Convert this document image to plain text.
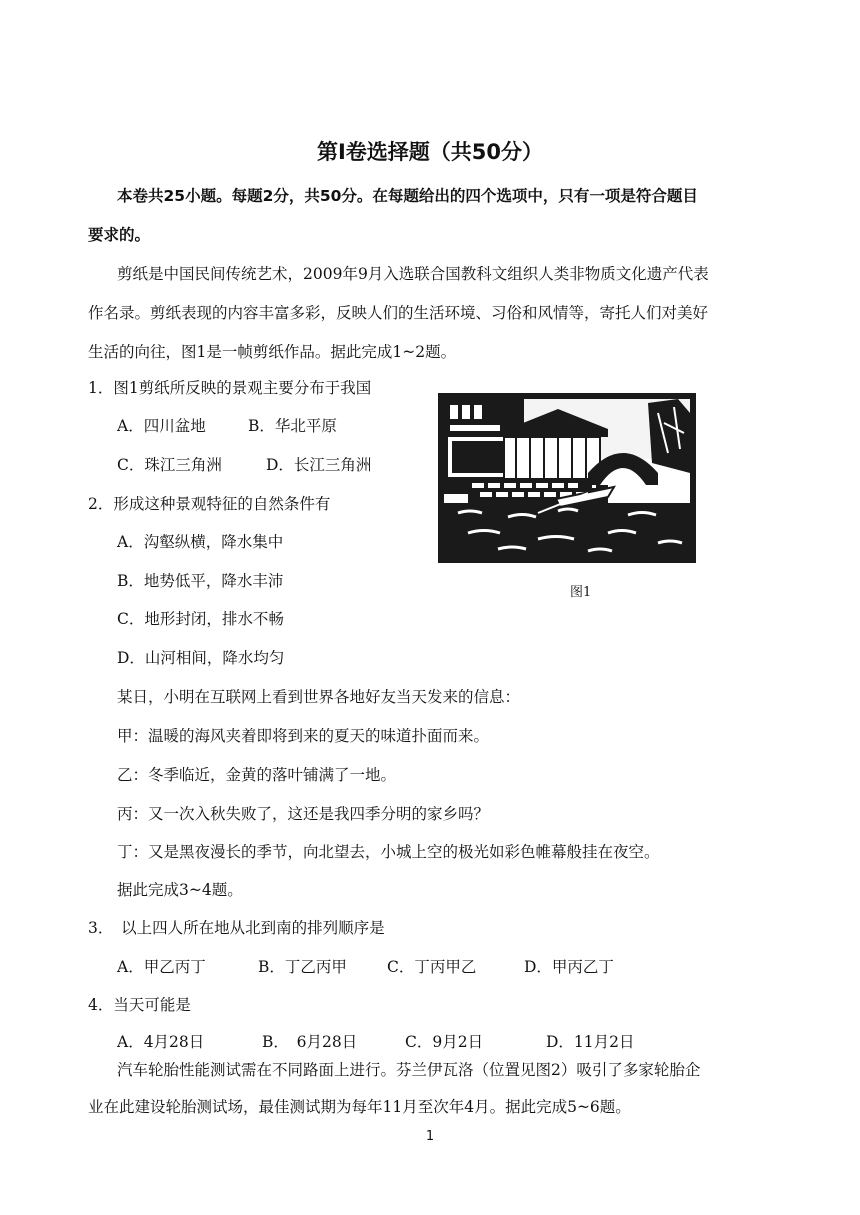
第Ⅰ卷选择题（共50分）
本卷共25小题。每题2分，共50分。在每题给出的四个选项中，只有一项是符合题目
要求的。
剪纸是中国民间传统艺术，2009年9月入选联合国教科文组织人类非物质文化遗产代表
作名录。剪纸表现的内容丰富多彩，反映人们的生活环境、习俗和风情等，寄托人们对美好
生活的向往，图1是一帧剪纸作品。据此完成1~2题。
1．图1剪纸所反映的景观主要分布于我国
A．四川盆地	B．华北平原
C．珠江三角洲	D．长江三角洲
2．形成这种景观特征的自然条件有
A．沟壑纵横，降水集中
B．地势低平，降水丰沛
C．地形封闭，排水不畅
D．山河相间，降水均匀
图1
某日，小明在互联网上看到世界各地好友当天发来的信息：
甲：温暖的海风夹着即将到来的夏天的味道扑面而来。
乙：冬季临近，金黄的落叶铺满了一地。
丙：又一次入秋失败了，这还是我四季分明的家乡吗？
丁：又是黑夜漫长的季节，向北望去，小城上空的极光如彩色帷幕般挂在夜空。
据此完成3~4题。
3．　以上四人所在地从北到南的排列顺序是
A．甲乙丙丁	B．丁乙丙甲	C．丁丙甲乙	D．甲丙乙丁
4．当天可能是
A．4月28日	B．　6月28日	C．9月2日	D．11月2日
汽车轮胎性能测试需在不同路面上进行。芬兰伊瓦洛（位置见图2）吸引了多家轮胎企
业在此建设轮胎测试场，最佳测试期为每年11月至次年4月。据此完成5~6题。
1
